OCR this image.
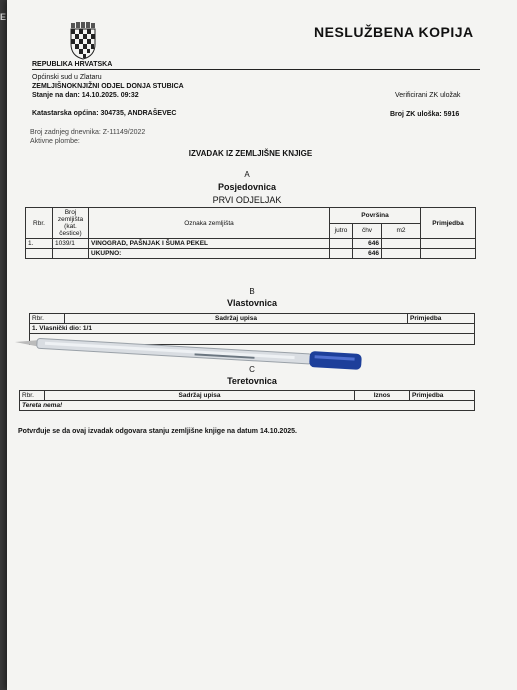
E
NESLUŽBENA KOPIJA
REPUBLIKA HRVATSKA
Općinski sud u Zlataru
ZEMLJIŠNOKNJIŽNI ODJEL DONJA STUBICA
Stanje na dan: 14.10.2025. 09:32	Verificirani ZK uložak
Katastarska općina: 304735, ANDRAŠEVEC	Broj ZK uloška: 5916
Broj zadnjeg dnevnika: Z-11149/2022
Aktivne plombe:
IZVADAK IZ ZEMLJIŠNE KNJIGE
A
Posjedovnica
PRVI ODJELJAK
Rbr.	Broj zemljišta (kat. čestice)	Oznaka zemljišta	Površina			Primjedba
			jutro	čhv	m2	
1.	1039/1	VINOGRAD, PAŠNJAK I ŠUMA PEKEL		646		
		UKUPNO:		646		
B
Vlastovnica
Rbr.	Sadržaj upisa	Primjedba
1. Vlasnički dio: 1/1

C
Teretovnica
Rbr.	Sadržaj upisa	Iznos	Primjedba
Tereta nema!
Potvrđuje se da ovaj izvadak odgovara stanju zemljišne knjige na datum 14.10.2025.
